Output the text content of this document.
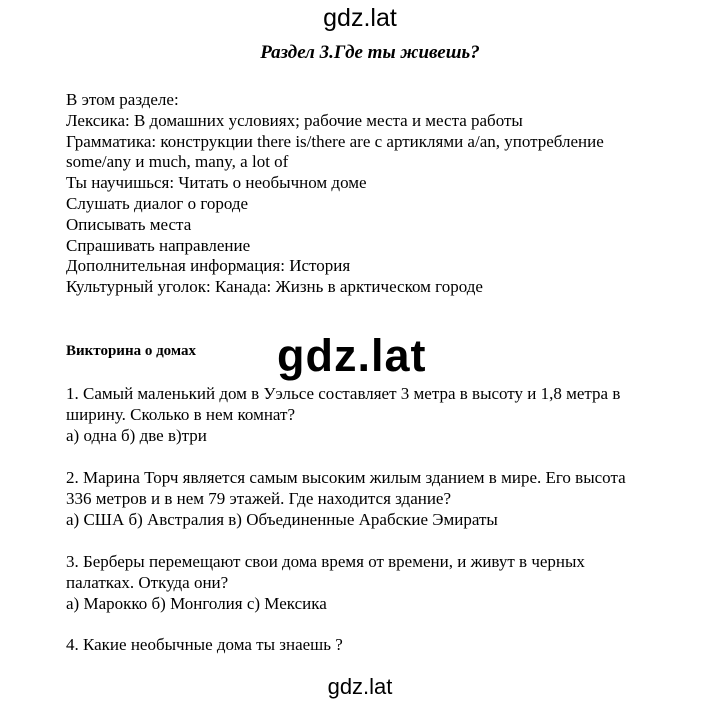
gdz.lat
Раздел 3.Где ты живешь?
В этом разделе:
Лексика: В домашних условиях; рабочие места и места работы
Грамматика: конструкции there is/there are с артиклями a/an, употребление
some/any и much, many, a lot of
Ты научишься: Читать о необычном доме
Слушать диалог о городе
Описывать места
Спрашивать направление
Дополнительная информация: История
Культурный уголок: Канада: Жизнь в арктическом городе
Викторина о домах gdz.lat
1. Самый маленький дом в Уэльсе составляет 3 метра в высоту и 1,8 метра в
ширину. Сколько в нем комнат?
а) одна б) две в)три
2. Марина Торч является самым высоким жилым зданием в мире. Его высота
336 метров и в нем 79 этажей. Где находится здание?
а) США б) Австралия в) Объединенные Арабские Эмираты
3. Берберы перемещают свои дома время от времени, и живут в черных
палатках. Откуда они?
а) Марокко б) Монголия с) Мексика
4. Какие необычные дома ты знаешь ?
gdz.lat
